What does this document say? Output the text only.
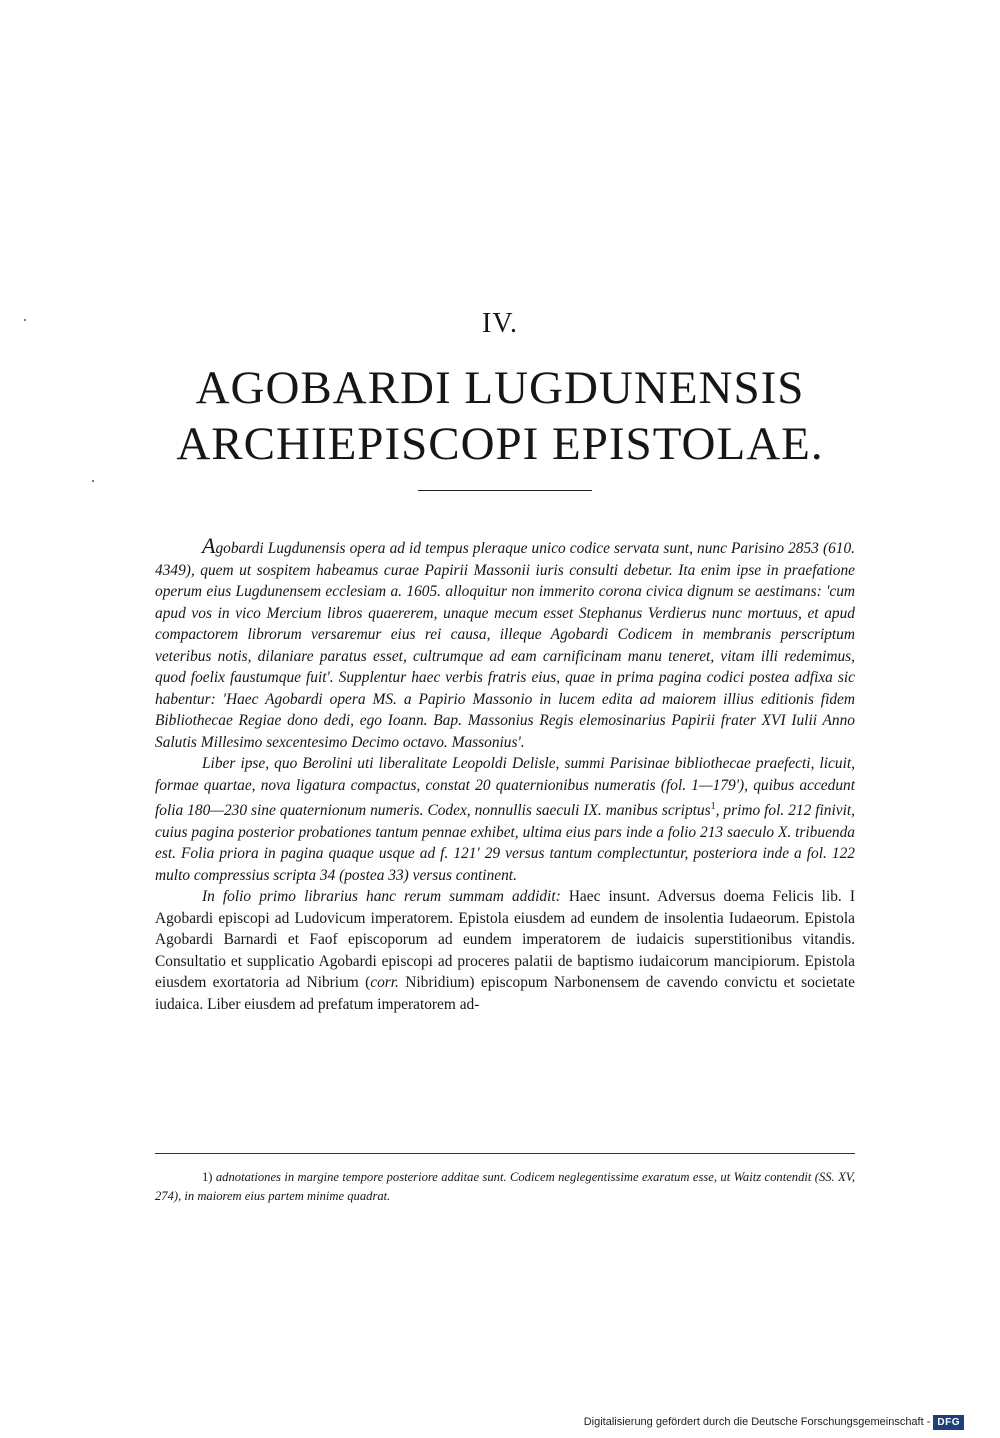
IV.
AGOBARDI LUGDUNENSIS
ARCHIEPISCOPI EPISTOLAE.

Agobardi Lugdunensis opera ad id tempus pleraque unico codice servata sunt, nunc Parisino 2853 (610. 4349), quem ut sospitem habeamus curae Papirii Massonii iuris consulti debetur. Ita enim ipse in praefatione operum eius Lugdunensem ecclesiam a. 1605. alloquitur non immerito corona civica dignum se aestimans: 'cum apud vos in vico Mercium libros quaererem, unaque mecum esset Stephanus Verdierus nunc mortuus, et apud compactorem librorum versaremur eius rei causa, illeque Agobardi Codicem in membranis perscriptum veteribus notis, dilaniare paratus esset, cultrumque ad eam carnificinam manu teneret, vitam illi redemimus, quod foelix faustumque fuit'. Supplentur haec verbis fratris eius, quae in prima pagina codici postea adfixa sic habentur: 'Haec Agobardi opera MS. a Papirio Massonio in lucem edita ad maiorem illius editionis fidem Bibliothecae Regiae dono dedi, ego Ioann. Bap. Massonius Regis elemosinarius Papirii frater XVI Iulii Anno Salutis Millesimo sexcentesimo Decimo octavo. Massonius'.

Liber ipse, quo Berolini uti liberalitate Leopoldi Delisle, summi Parisinae bibliothecae praefecti, licuit, formae quartae, nova ligatura compactus, constat 20 quaternionibus numeratis (fol. 1—179'), quibus accedunt folia 180—230 sine quaternionum numeris. Codex, nonnullis saeculi IX. manibus scriptus$^1$, primo fol. 212 finivit, cuius pagina posterior probationes tantum pennae exhibet, ultima eius pars inde a folio 213 saeculo X. tribuenda est. Folia priora in pagina quaque usque ad f. 121' 29 versus tantum complectuntur, posteriora inde a fol. 122 multo compressius scripta 34 (postea 33) versus continent.

In folio primo librarius hanc rerum summam addidit: Haec insunt. Adversus doema Felicis lib. I Agobardi episcopi ad Ludovicum imperatorem. Epistola eiusdem ad eundem de insolentia Iudaeorum. Epistola Agobardi Barnardi et Faof episcoporum ad eundem imperatorem de iudaicis superstitionibus vitandis. Consultatio et supplicatio Agobardi episcopi ad proceres palatii de baptismo iudaicorum mancipiorum. Epistola eiusdem exortatoria ad Nibrium (corr. Nibridium) episcopum Narbonensem de cavendo convictu et societate iudaica. Liber eiusdem ad prefatum imperatorem ad-

1) adnotationes in margine tempore posteriore additae sunt. Codicem neglegentissime exaratum esse, ut Waitz contendit (SS. XV, 274), in maiorem eius partem minime quadrat.
Digitalisierung gefördert durch die Deutsche Forschungsgemeinschaft - DFG
